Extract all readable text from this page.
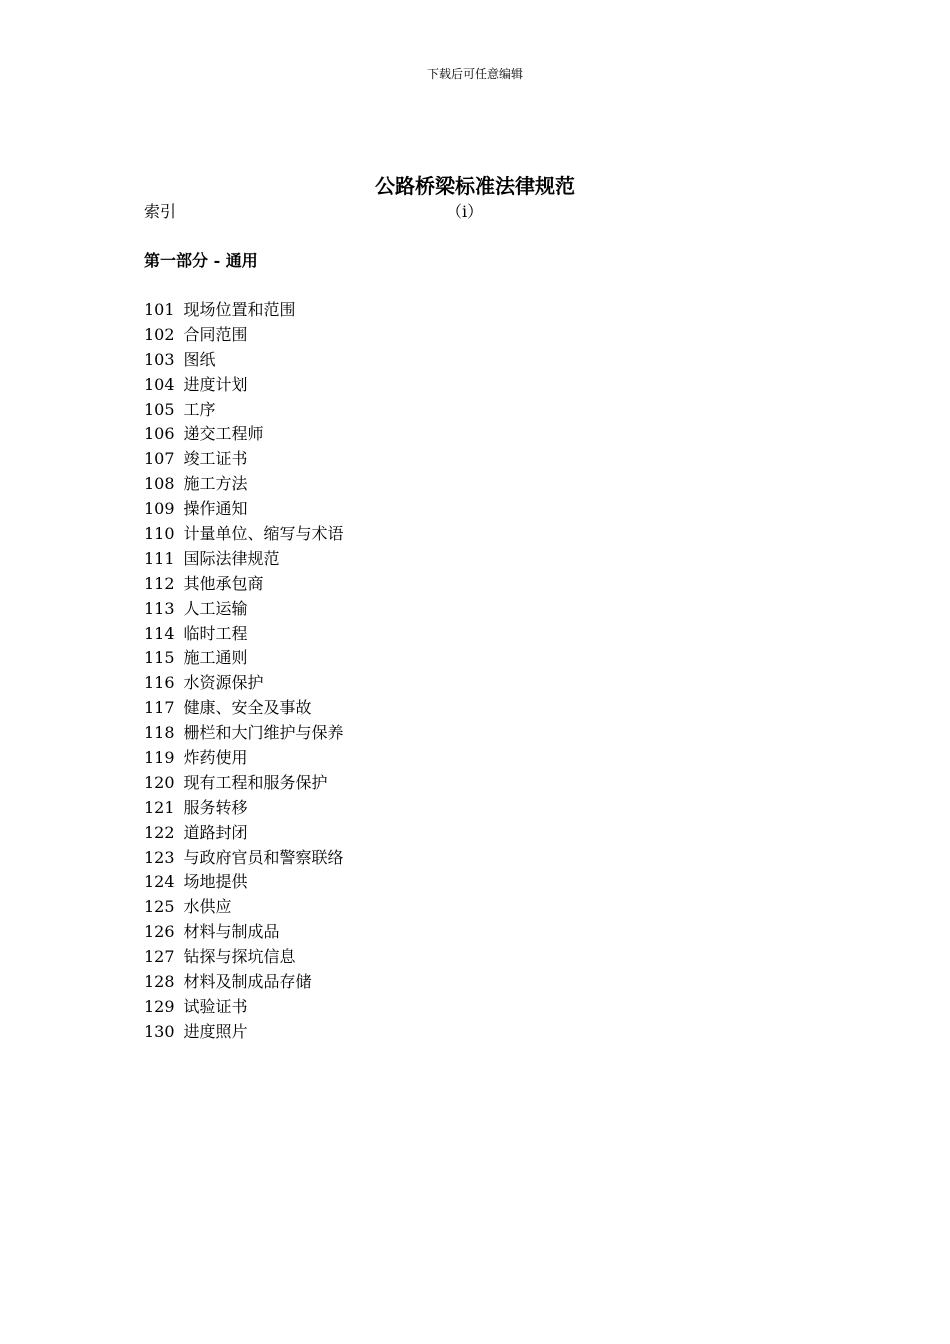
下载后可任意编辑
公路桥梁标准法律规范
索引	（i）
第一部分 - 通用
101 现场位置和范围
102 合同范围
103 图纸
104 进度计划
105 工序
106 递交工程师
107 竣工证书
108 施工方法
109 操作通知
110 计量单位、缩写与术语
111 国际法律规范
112 其他承包商
113 人工运输
114 临时工程
115 施工通则
116 水资源保护
117 健康、安全及事故
118 栅栏和大门维护与保养
119 炸药使用
120 现有工程和服务保护
121 服务转移
122 道路封闭
123 与政府官员和警察联络
124 场地提供
125 水供应
126 材料与制成品
127 钻探与探坑信息
128 材料及制成品存储
129 试验证书
130 进度照片
